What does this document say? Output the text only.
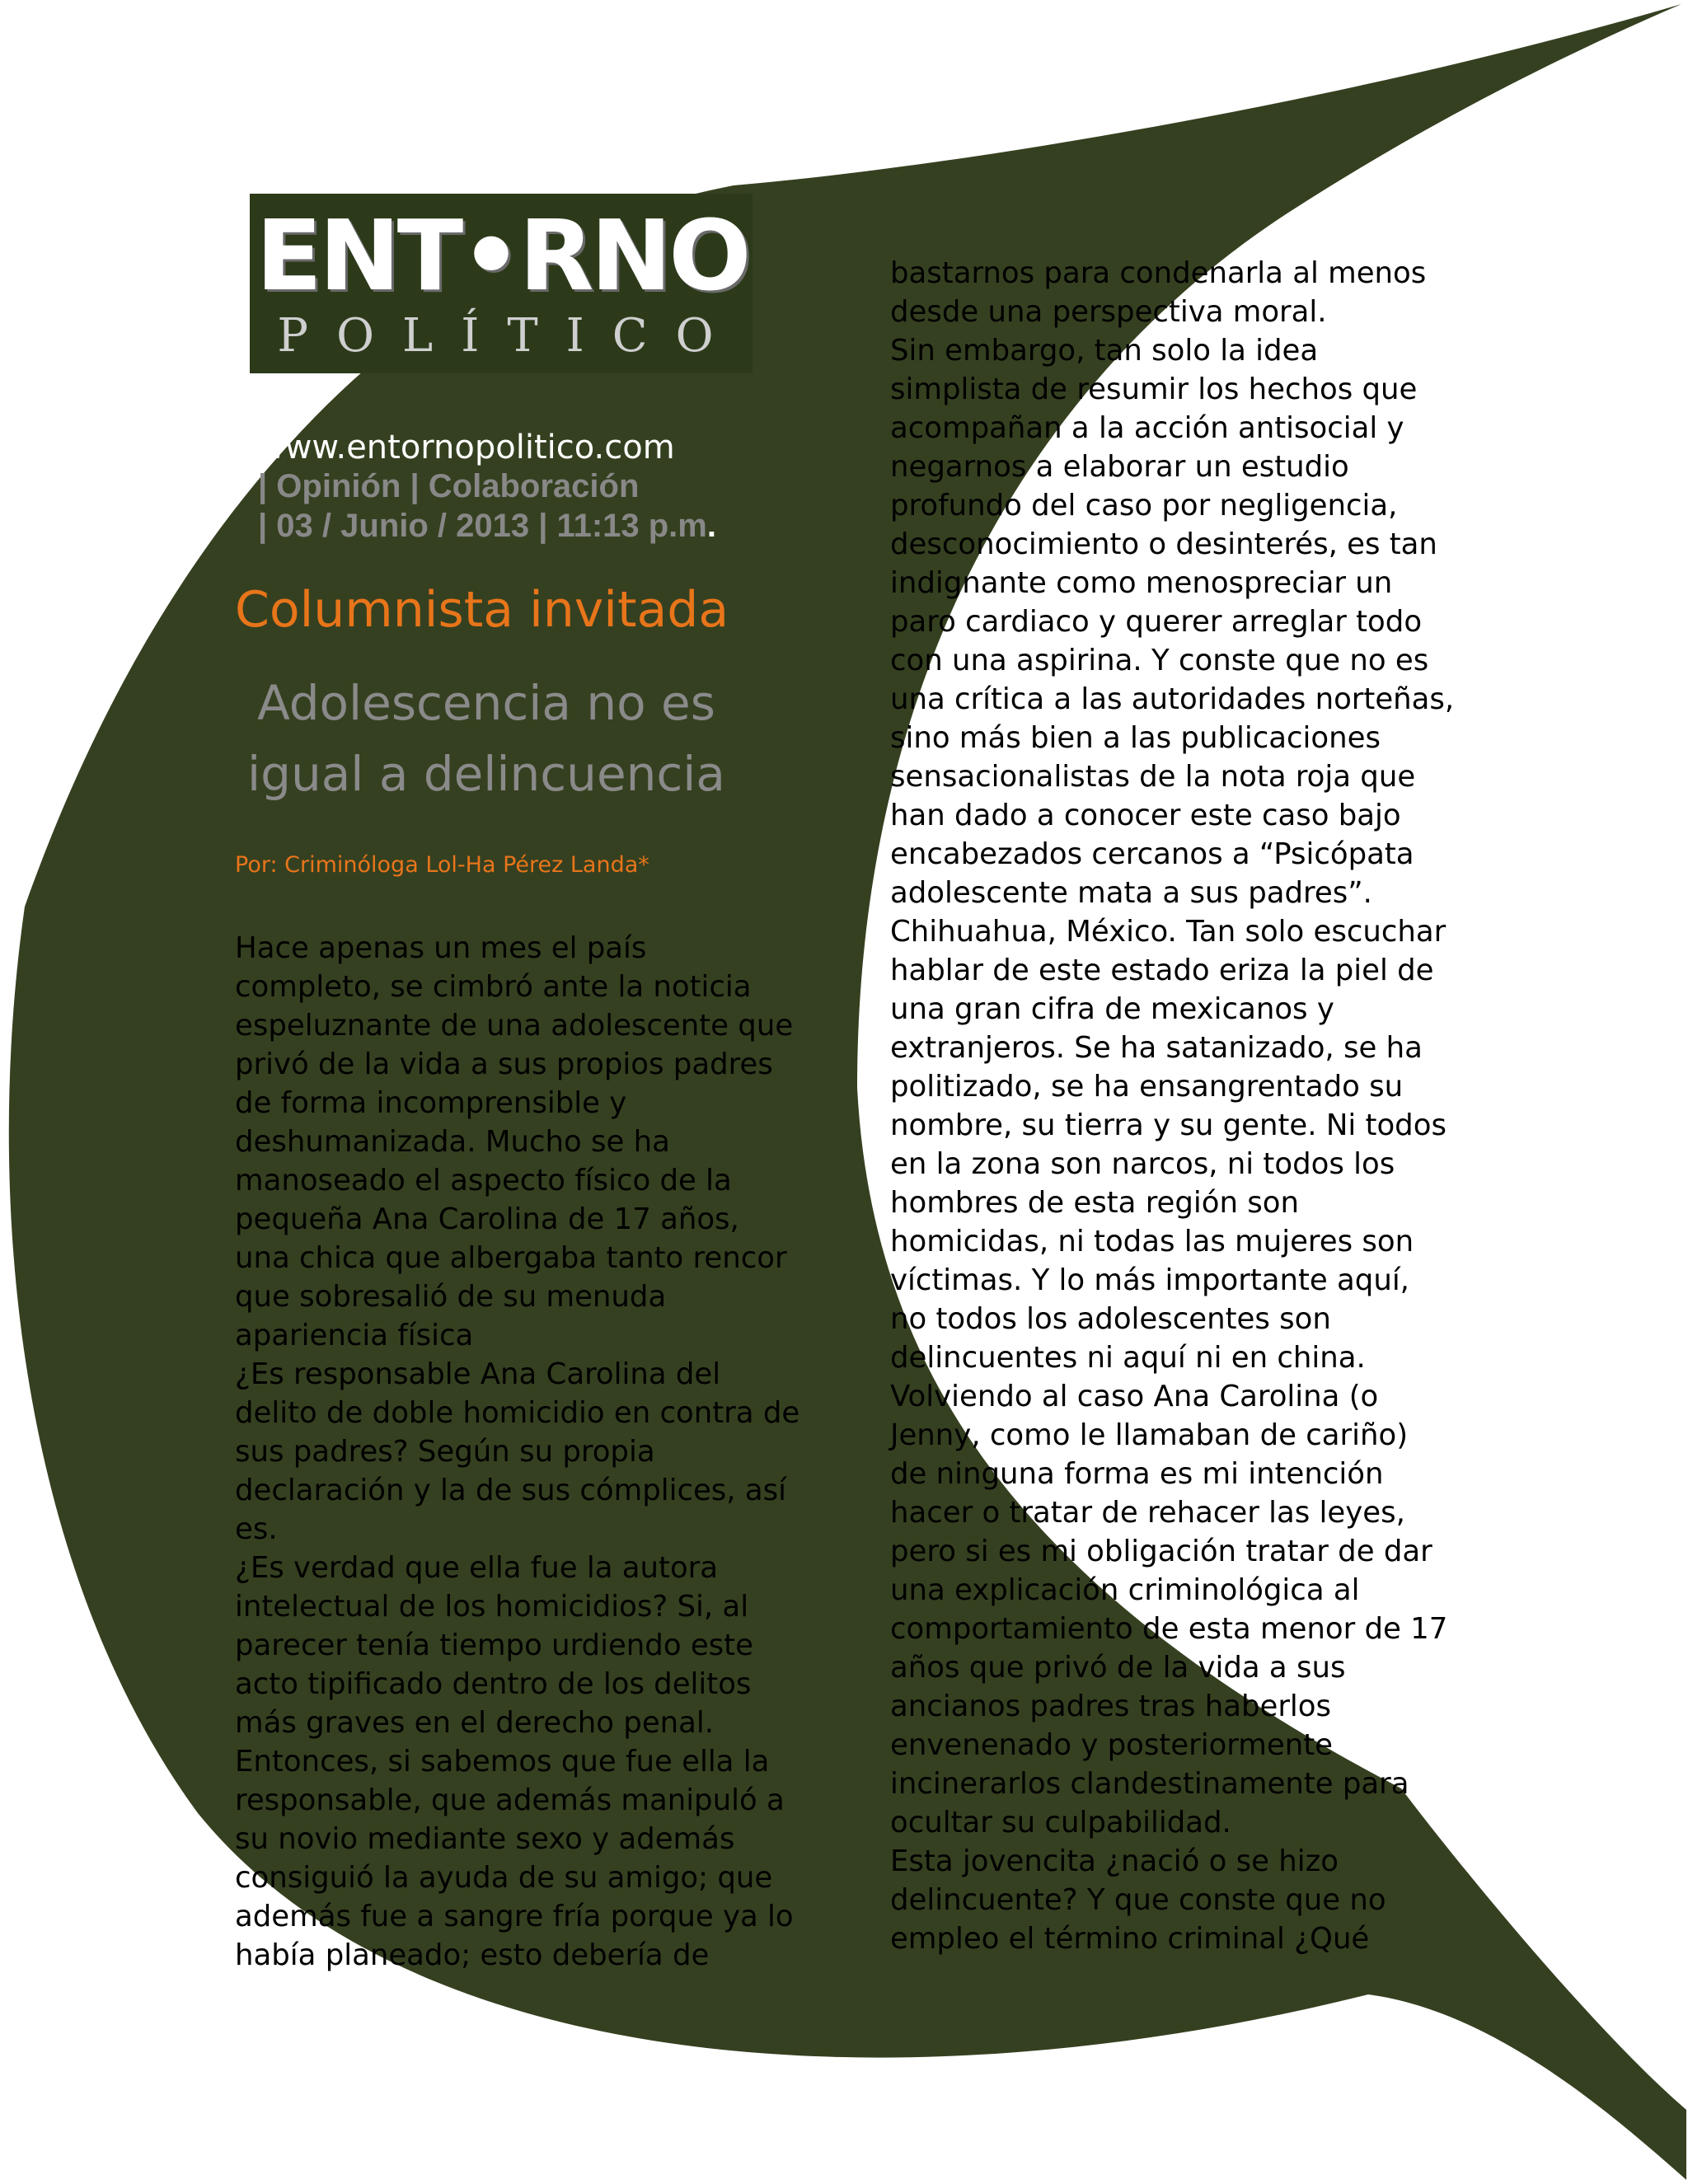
ENT•RNO
POLÍTICO
www.entornopolitico.com
| Opinión | Colaboración
| 03 / Junio / 2013 | 11:13 p.m.
Columnista invitada
Adolescencia no es
igual a delincuencia
Por: Criminóloga Lol-Ha Pérez Landa*

Hace apenas un mes el país

completo, se cimbró ante la noticia

espeluznante de una adolescente que

privó de la vida a sus propios padres

de forma incomprensible y

deshumanizada. Mucho se ha

manoseado el aspecto físico de la

pequeña Ana Carolina de 17 años,

una chica que albergaba tanto rencor

que sobresalió de su menuda

apariencia física

¿Es responsable Ana Carolina del

delito de doble homicidio en contra de

sus padres? Según su propia

declaración y la de sus cómplices, así

es.

¿Es verdad que ella fue la autora

intelectual de los homicidios? Si, al

parecer tenía tiempo urdiendo este

acto tipificado dentro de los delitos

más graves en el derecho penal.

Entonces, si sabemos que fue ella la

responsable, que además manipuló a

su novio mediante sexo y además

consiguió la ayuda de su amigo; que

además fue a sangre fría porque ya lo

había planeado; esto debería de

bastarnos para condenarla al menos

desde una perspectiva moral.

Sin embargo, tan solo la idea

simplista de resumir los hechos que

acompañan a la acción antisocial y

negarnos a elaborar un estudio

profundo del caso por negligencia,

desconocimiento o desinterés, es tan

indignante como menospreciar un

paro cardiaco y querer arreglar todo

con una aspirina. Y conste que no es

una crítica a las autoridades norteñas,

sino más bien a las publicaciones

sensacionalistas de la nota roja que

han dado a conocer este caso bajo

encabezados cercanos a “Psicópata

adolescente mata a sus padres”.

Chihuahua, México. Tan solo escuchar

hablar de este estado eriza la piel de

una gran cifra de mexicanos y

extranjeros. Se ha satanizado, se ha

politizado, se ha ensangrentado su

nombre, su tierra y su gente. Ni todos

en la zona son narcos, ni todos los

hombres de esta región son

homicidas, ni todas las mujeres son

víctimas. Y lo más importante aquí,

no todos los adolescentes son

delincuentes ni aquí ni en china.

Volviendo al caso Ana Carolina (o

Jenny, como le llamaban de cariño)

de ninguna forma es mi intención

hacer o tratar de rehacer las leyes,

pero si es mi obligación tratar de dar

una explicación criminológica al

comportamiento de esta menor de 17

años que privó de la vida a sus

ancianos padres tras haberlos

envenenado y posteriormente

incinerarlos clandestinamente para

ocultar su culpabilidad.

Esta jovencita ¿nació o se hizo

delincuente? Y que conste que no

empleo el término criminal ¿Qué
